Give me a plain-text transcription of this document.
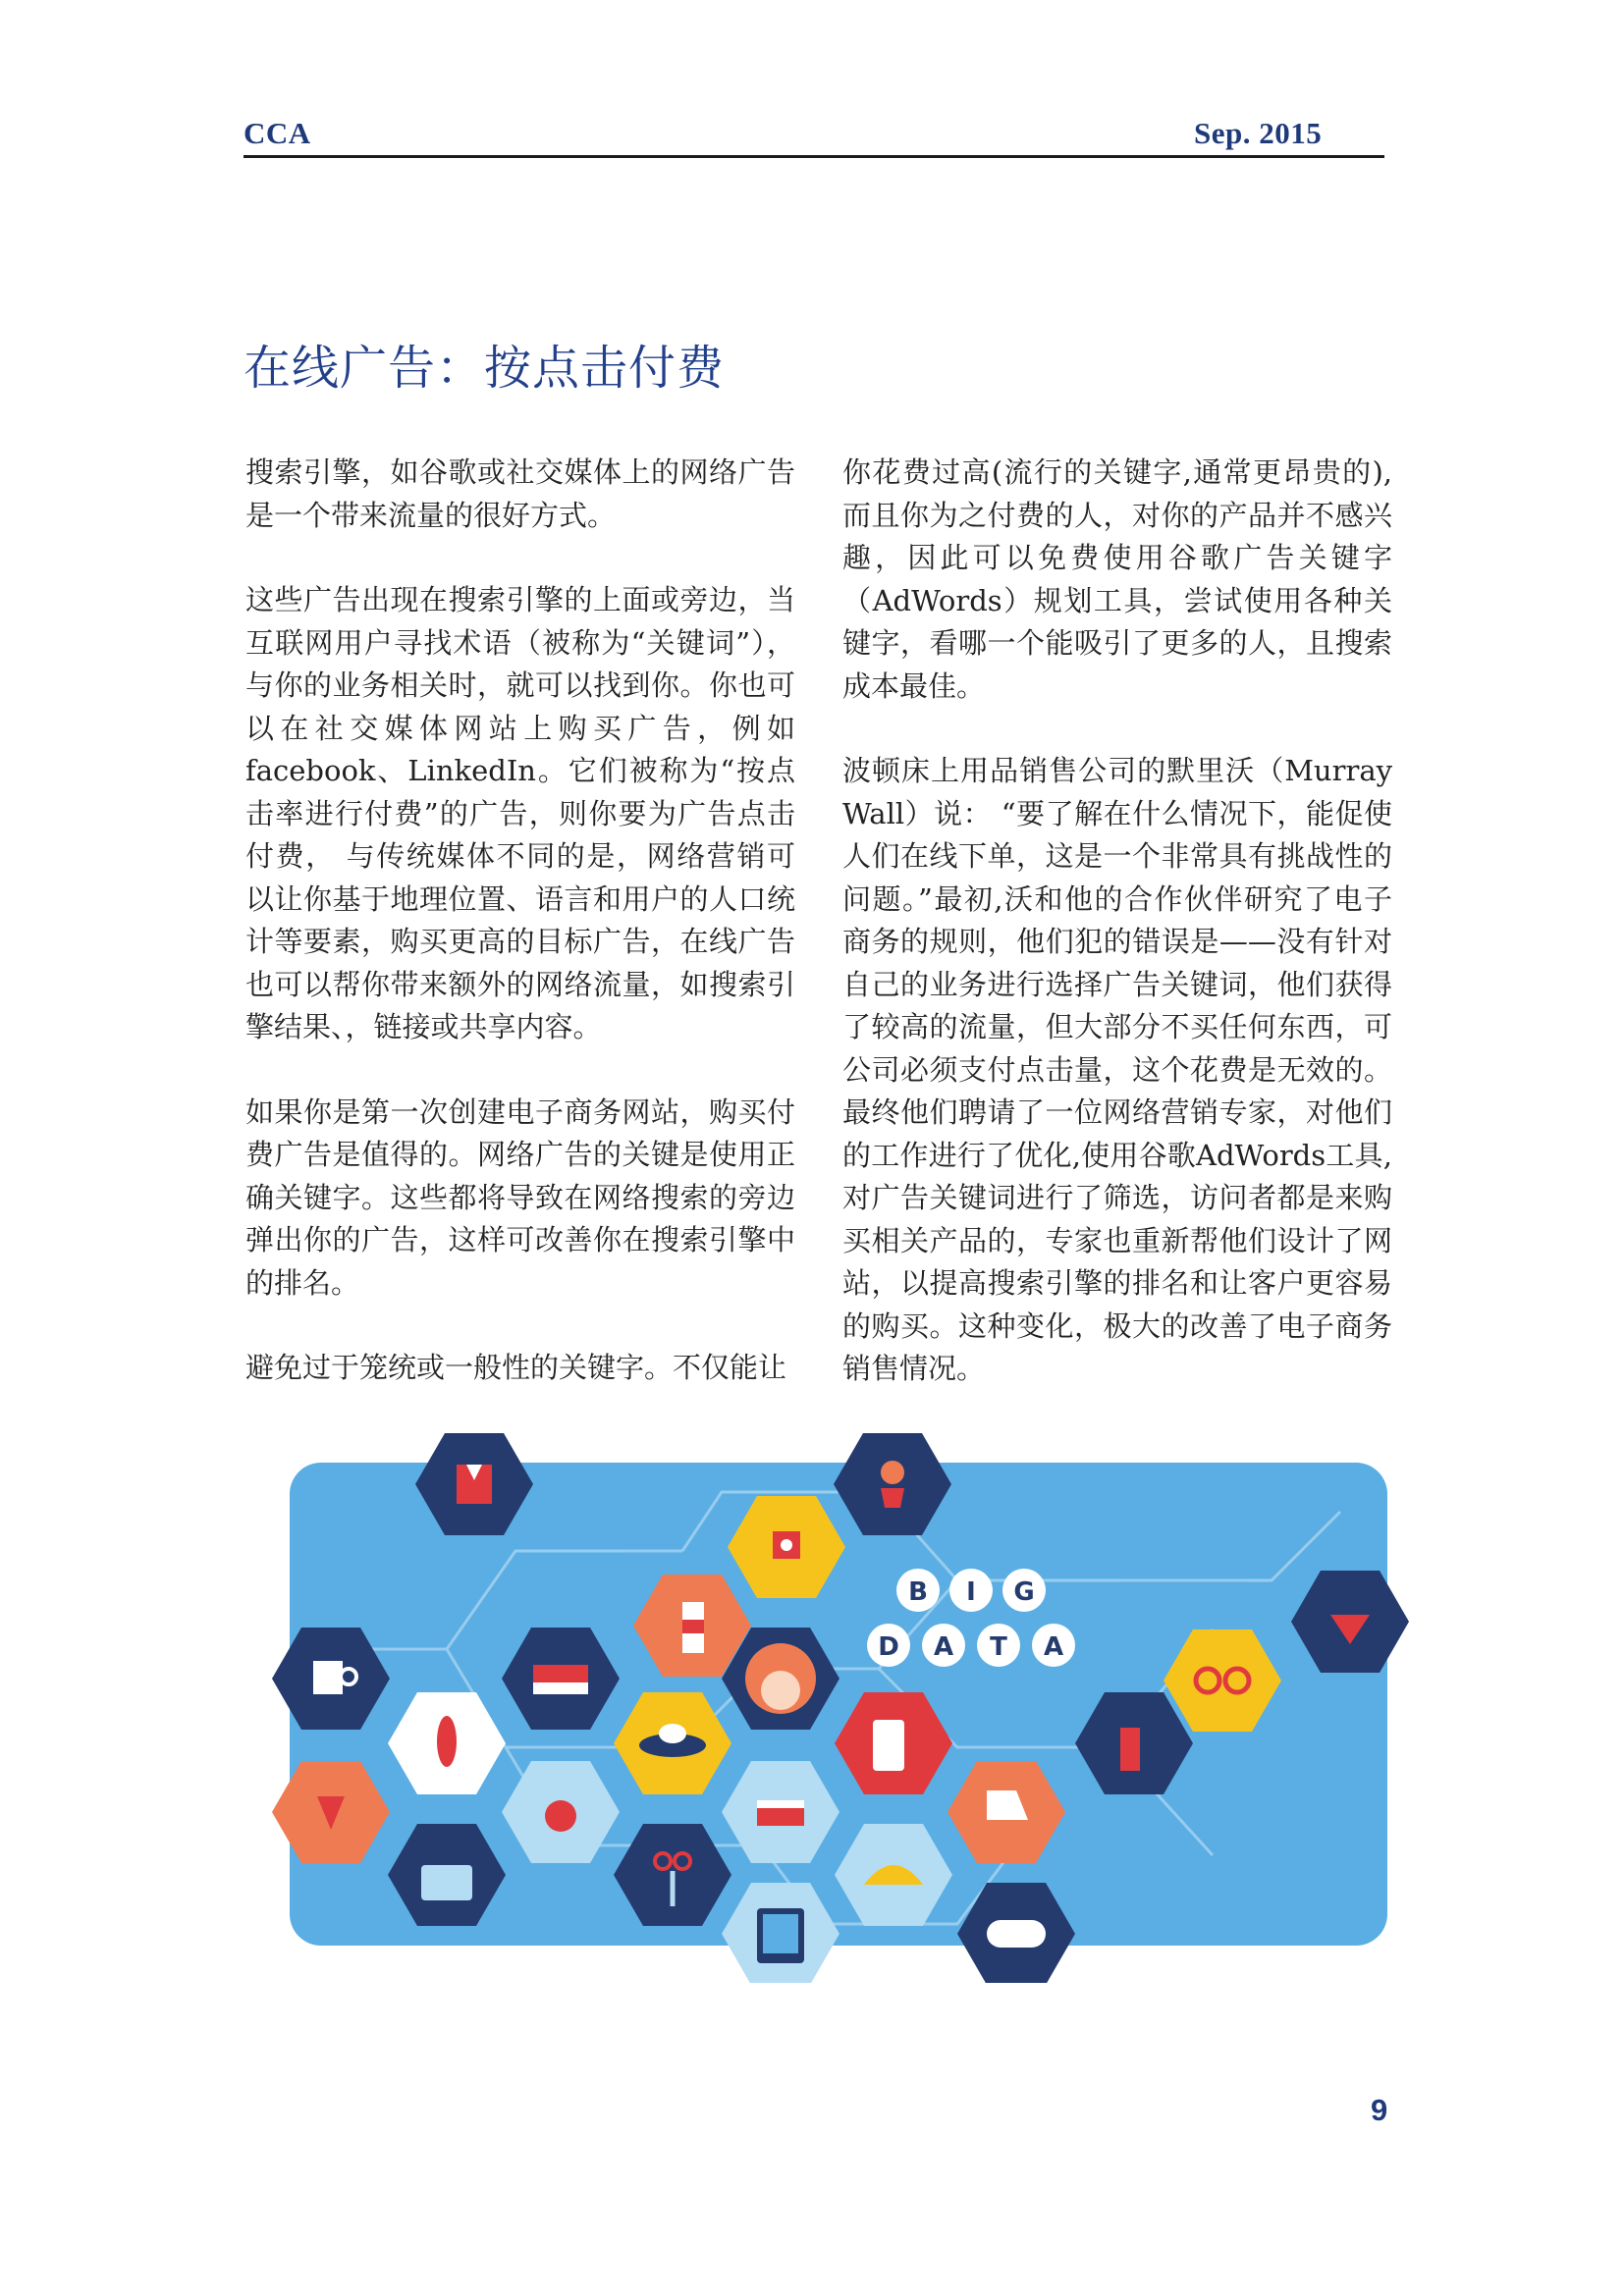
CCA	Sep. 2015
在线广告：按点击付费

搜索引擎，如谷歌或社交媒体上的网络广告是一个带来流量的很好方式。

这些广告出现在搜索引擎的上面或旁边，当互联网用户寻找术语（被称为“关键词”），与你的业务相关时，就可以找到你。你也可以在社交媒体网站上购买广告，例如facebook、LinkedIn。它们被称为“按点击率进行付费”的广告，则你要为广告点击付费， 与传统媒体不同的是，网络营销可以让你基于地理位置、语言和用户的人口统计等要素，购买更高的目标广告，在线广告也可以帮你带来额外的网络流量，如搜索引擎结果、，链接或共享内容。

如果你是第一次创建电子商务网站，购买付费广告是值得的。网络广告的关键是使用正确关键字。这些都将导致在网络搜索的旁边弹出你的广告，这样可改善你在搜索引擎中的排名。

避免过于笼统或一般性的关键字。不仅能让

你花费过高(流行的关键字,通常更昂贵的),而且你为之付费的人，对你的产品并不感兴趣，因此可以免费使用谷歌广告关键字（AdWords）规划工具，尝试使用各种关键字，看哪一个能吸引了更多的人，且搜索成本最佳。

波顿床上用品销售公司的默里沃（Murray Wall）说： “要了解在什么情况下，能促使人们在线下单，这是一个非常具有挑战性的问题。”最初,沃和他的合作伙伴研究了电子商务的规则，他们犯的错误是——没有针对自己的业务进行选择广告关键词，他们获得了较高的流量，但大部分不买任何东西，可公司必须支付点击量，这个花费是无效的。最终他们聘请了一位网络营销专家，对他们的工作进行了优化,使用谷歌AdWords工具,对广告关键词进行了筛选，访问者都是来购买相关产品的，专家也重新帮他们设计了网站，以提高搜索引擎的排名和让客户更容易的购买。这种变化，极大的改善了电子商务销售情况。

B I G
D A T A
9
